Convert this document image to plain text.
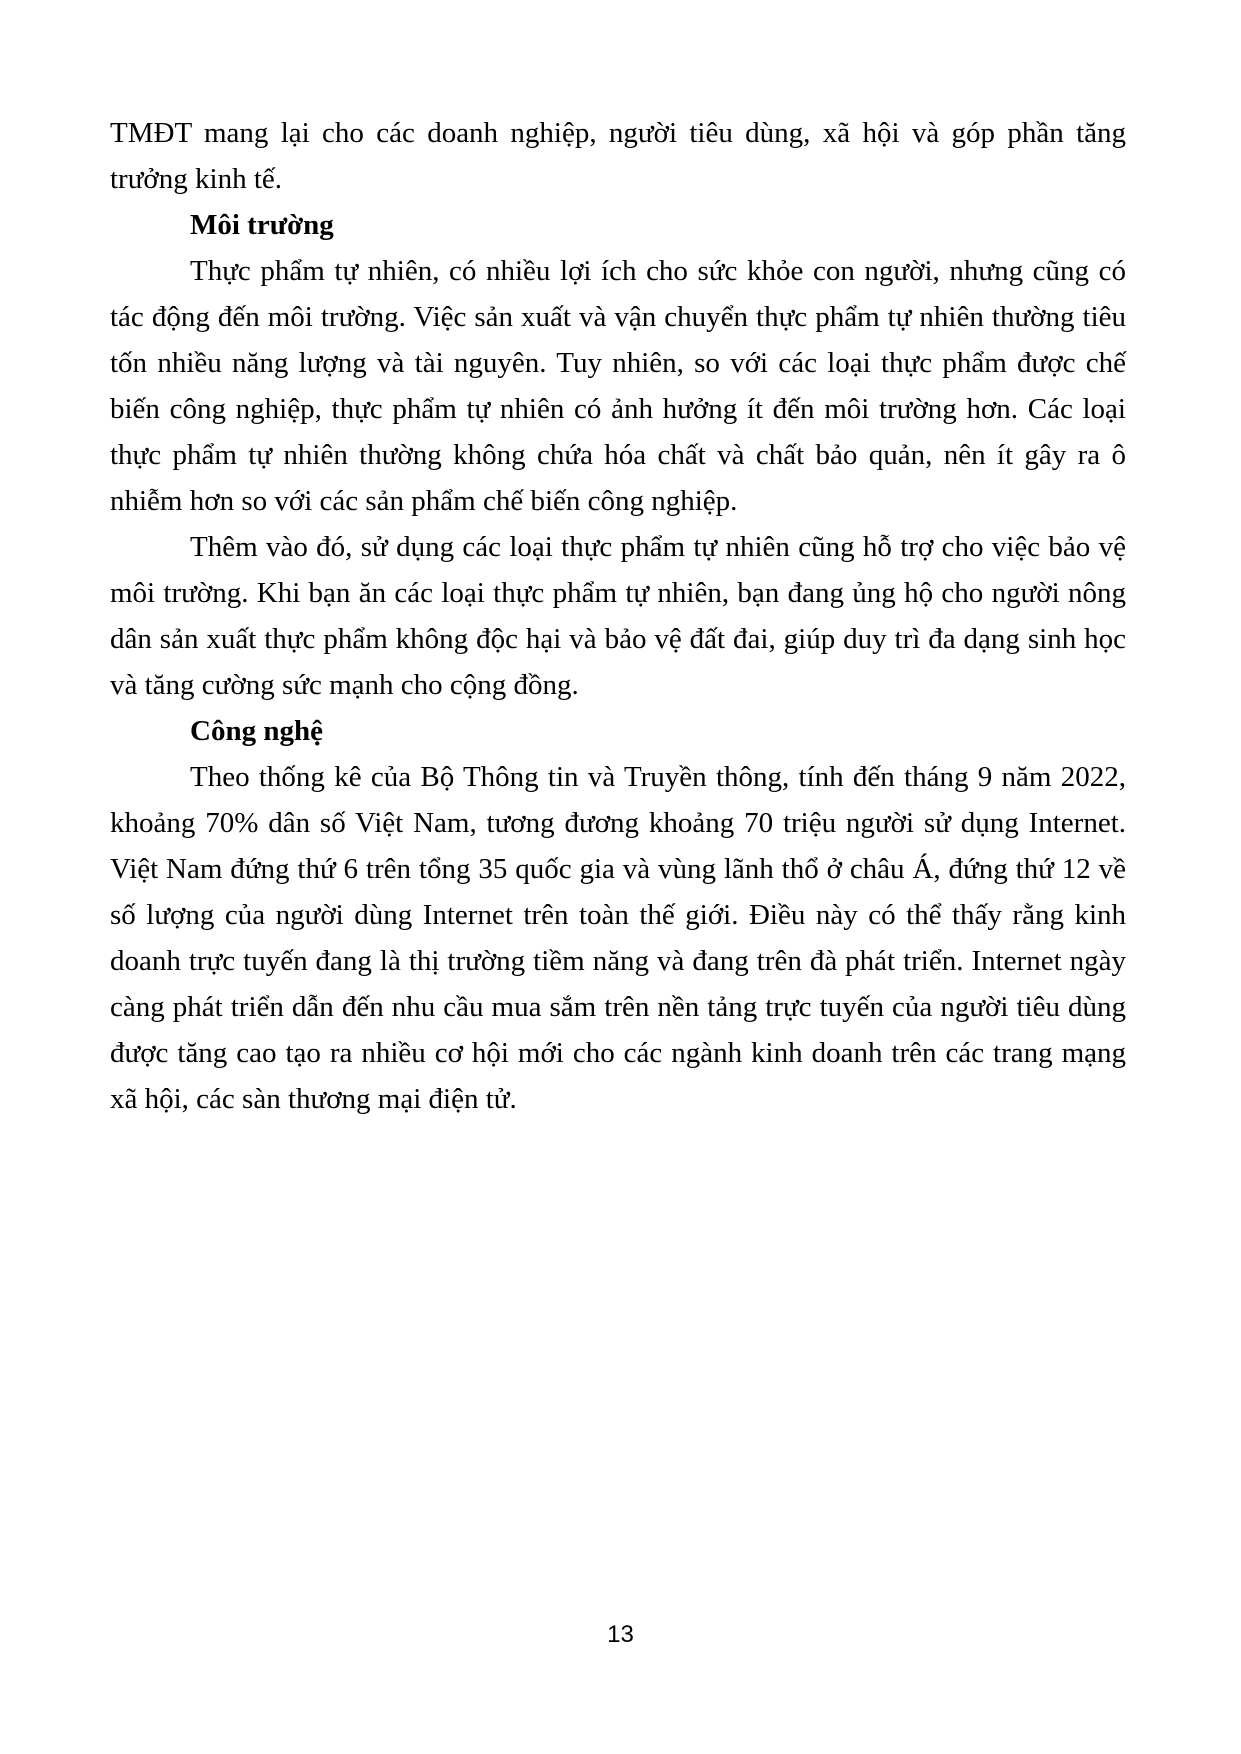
TMĐT mang lại cho các doanh nghiệp, người tiêu dùng, xã hội và góp phần tăng trưởng kinh tế.

Môi trường

Thực phẩm tự nhiên, có nhiều lợi ích cho sức khỏe con người, nhưng cũng có tác động đến môi trường. Việc sản xuất và vận chuyển thực phẩm tự nhiên thường tiêu tốn nhiều năng lượng và tài nguyên. Tuy nhiên, so với các loại thực phẩm được chế biến công nghiệp, thực phẩm tự nhiên có ảnh hưởng ít đến môi trường hơn. Các loại thực phẩm tự nhiên thường không chứa hóa chất và chất bảo quản, nên ít gây ra ô nhiễm hơn so với các sản phẩm chế biến công nghiệp.

Thêm vào đó, sử dụng các loại thực phẩm tự nhiên cũng hỗ trợ cho việc bảo vệ môi trường. Khi bạn ăn các loại thực phẩm tự nhiên, bạn đang ủng hộ cho người nông dân sản xuất thực phẩm không độc hại và bảo vệ đất đai, giúp duy trì đa dạng sinh học và tăng cường sức mạnh cho cộng đồng.

Công nghệ

Theo thống kê của Bộ Thông tin và Truyền thông, tính đến tháng 9 năm 2022, khoảng 70% dân số Việt Nam, tương đương khoảng 70 triệu người sử dụng Internet. Việt Nam đứng thứ 6 trên tổng 35 quốc gia và vùng lãnh thổ ở châu Á, đứng thứ 12 về số lượng của người dùng Internet trên toàn thế giới. Điều này có thể thấy rằng kinh doanh trực tuyến đang là thị trường tiềm năng và đang trên đà phát triển. Internet ngày càng phát triển dẫn đến nhu cầu mua sắm trên nền tảng trực tuyến của người tiêu dùng được tăng cao tạo ra nhiều cơ hội mới cho các ngành kinh doanh trên các trang mạng xã hội, các sàn thương mại điện tử.

13
